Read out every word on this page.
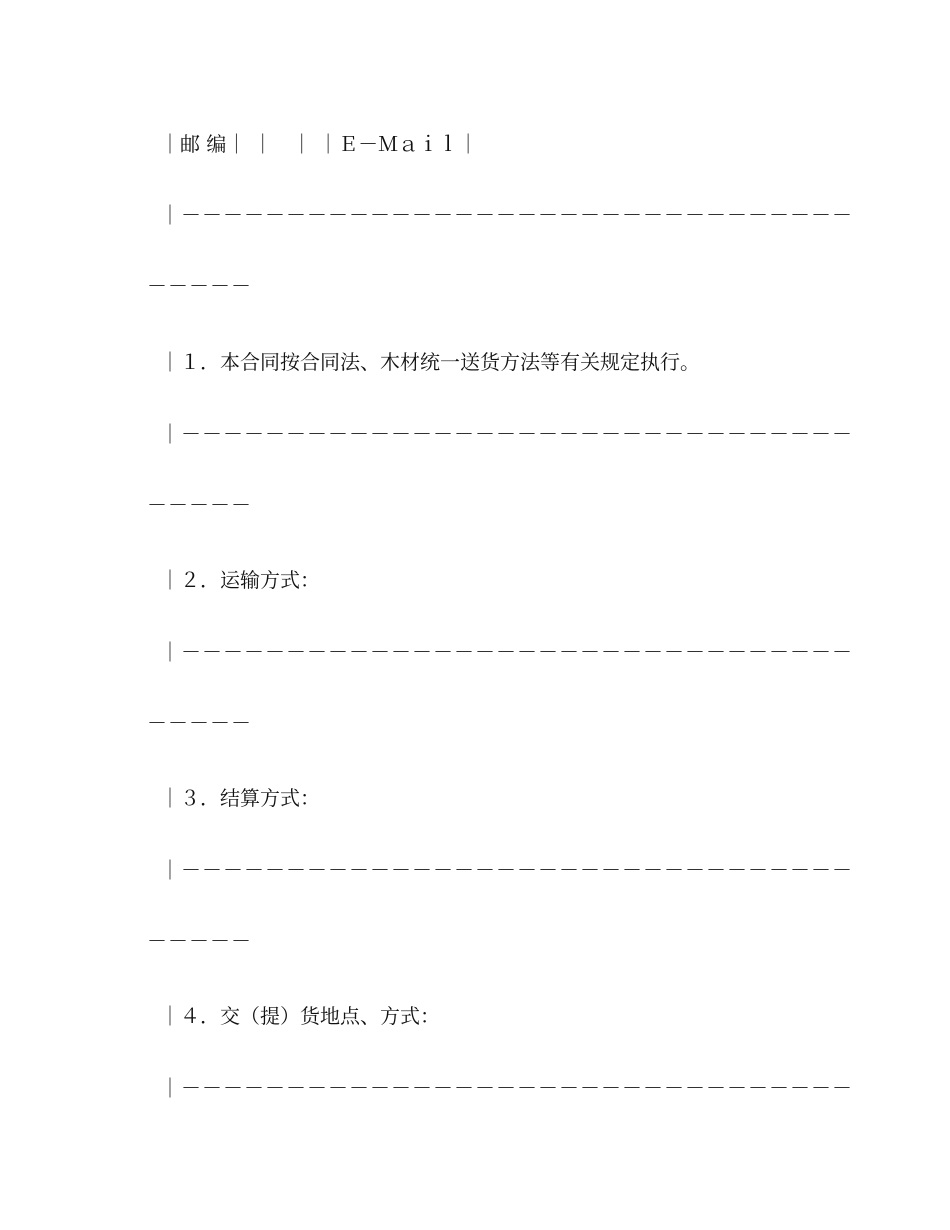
｜邮 编｜ ｜   ｜ ｜Ｅ－Ｍａｉｌ｜
｜－－－－－－－－－－－－－－－－－－－－－－－－－－－－－－－－
－－－－－
｜１．本合同按合同法、木材统一送货方法等有关规定执行。
｜－－－－－－－－－－－－－－－－－－－－－－－－－－－－－－－－
－－－－－
｜２．运输方式：
｜－－－－－－－－－－－－－－－－－－－－－－－－－－－－－－－－
－－－－－
｜３．结算方式：
｜－－－－－－－－－－－－－－－－－－－－－－－－－－－－－－－－
－－－－－
｜４．交（提）货地点、方式：
｜－－－－－－－－－－－－－－－－－－－－－－－－－－－－－－－－
